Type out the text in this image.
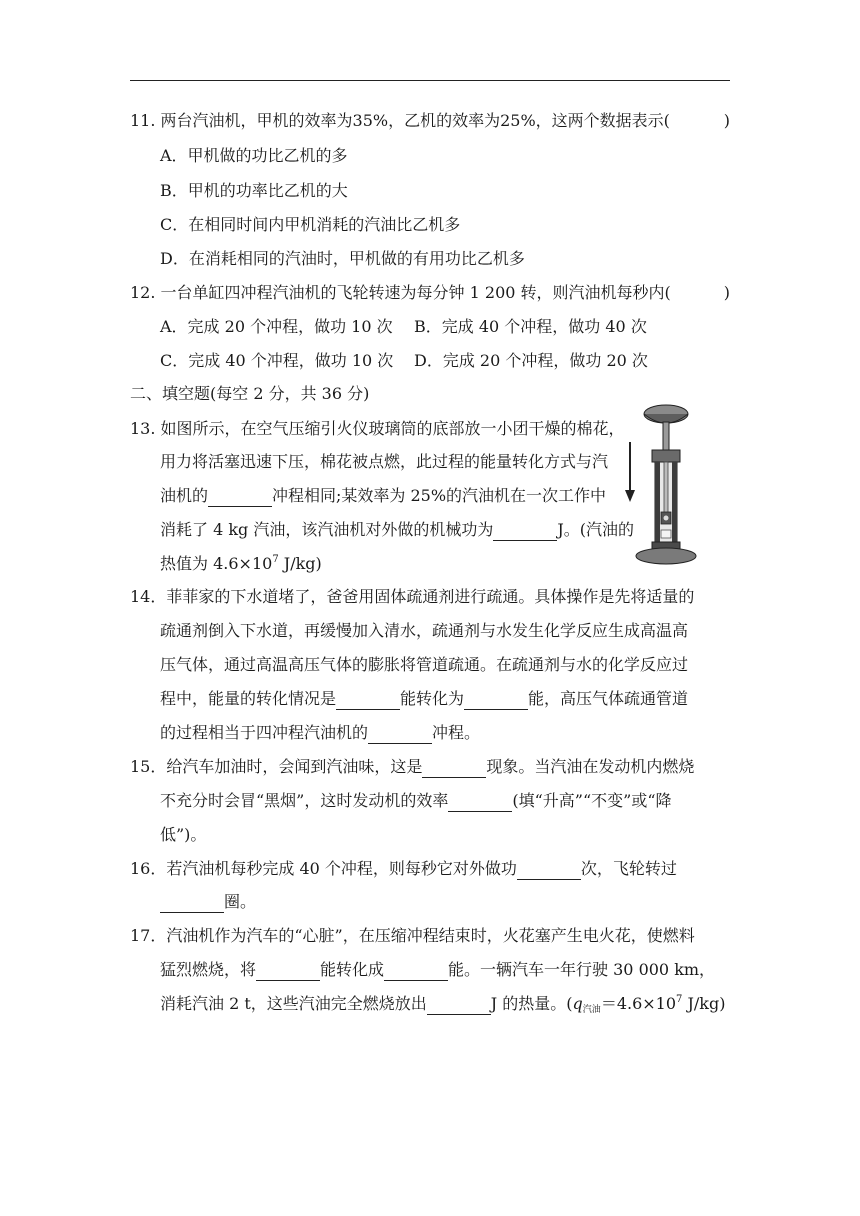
11. 两台汽油机，甲机的效率为35%，乙机的效率为25%，这两个数据表示(	)
A．甲机做的功比乙机的多
B．甲机的功率比乙机的大
C．在相同时间内甲机消耗的汽油比乙机多
D．在消耗相同的汽油时，甲机做的有用功比乙机多
12. 一台单缸四冲程汽油机的飞轮转速为每分钟 1 200 转，则汽油机每秒内(	)
A．完成 20 个冲程，做功 10 次 B．完成 40 个冲程，做功 40 次
C．完成 40 个冲程，做功 10 次 D．完成 20 个冲程，做功 20 次
二、填空题(每空 2 分，共 36 分)
13. 如图所示，在空气压缩引火仪玻璃筒的底部放一小团干燥的棉花，
用力将活塞迅速下压，棉花被点燃，此过程的能量转化方式与汽
油机的	冲程相同;某效率为 25%的汽油机在一次工作中
消耗了 4 kg 汽油，该汽油机对外做的机械功为	J。(汽油的
热值为 $4.6\times 10^7$ J/kg)
14．菲菲家的下水道堵了，爸爸用固体疏通剂进行疏通。具体操作是先将适量的
疏通剂倒入下水道，再缓慢加入清水，疏通剂与水发生化学反应生成高温高
压气体，通过高温高压气体的膨胀将管道疏通。在疏通剂与水的化学反应过
程中，能量的转化情况是	能转化为	能，高压气体疏通管道
的过程相当于四冲程汽油机的	冲程。
15．给汽车加油时，会闻到汽油味，这是	现象。当汽油在发动机内燃烧
不充分时会冒“黑烟”，这时发动机的效率	(填“升高”“不变”或“降
低”)。
16．若汽油机每秒完成 40 个冲程，则每秒它对外做功	次，飞轮转过
圈。
17．汽油机作为汽车的“心脏”，在压缩冲程结束时，火花塞产生电火花，使燃料
猛烈燃烧，将	能转化成	能。一辆汽车一年行驶 30 000 km，
消耗汽油 2 t，这些汽油完全燃烧放出	J 的热量。($q_{汽油}=4.6\times 10^7$ J/kg)
